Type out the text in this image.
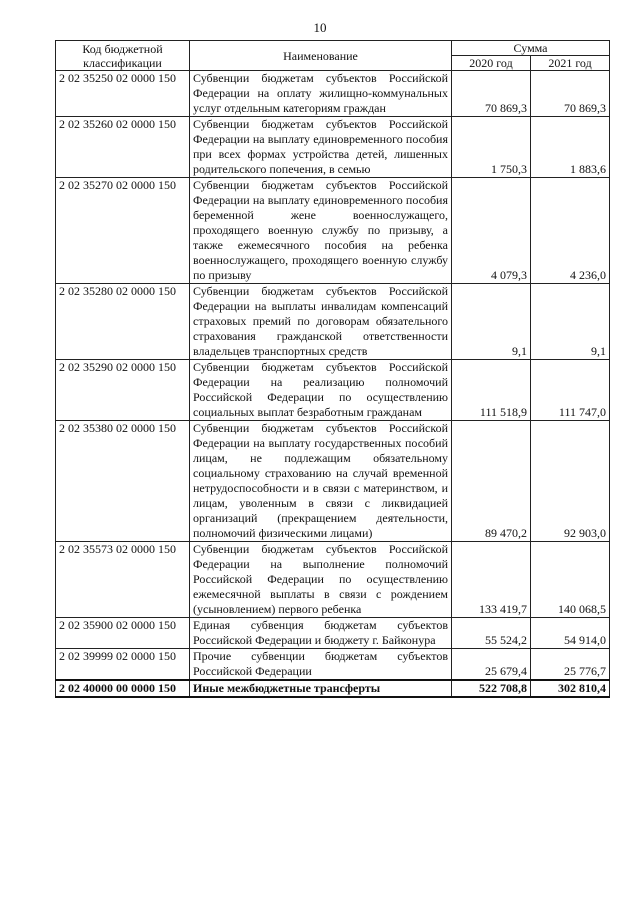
10
Код бюджетной классификации	Наименование	Сумма	
		2020 год	2021 год
2 02 35250 02 0000 150	Субвенции бюджетам субъектов Российской Федерации на оплату жилищно-коммунальных услуг отдельным категориям граждан	70 869,3	70 869,3
2 02 35260 02 0000 150	Субвенции бюджетам субъектов Российской Федерации на выплату единовременного пособия при всех формах устройства детей, лишенных родительского попечения, в семью	1 750,3	1 883,6
2 02 35270 02 0000 150	Субвенции бюджетам субъектов Российской Федерации на выплату единовременного пособия беременной жене военнослужащего, проходящего военную службу по призыву, а также ежемесячного пособия на ребенка военнослужащего, проходящего военную службу по призыву	4 079,3	4 236,0
2 02 35280 02 0000 150	Субвенции бюджетам субъектов Российской Федерации на выплаты инвалидам компенсаций страховых премий по договорам обязательного страхования гражданской ответственности владельцев транспортных средств	9,1	9,1
2 02 35290 02 0000 150	Субвенции бюджетам субъектов Российской Федерации на реализацию полномочий Российской Федерации по осуществлению социальных выплат безработным гражданам	111 518,9	111 747,0
2 02 35380 02 0000 150	Субвенции бюджетам субъектов Российской Федерации на выплату государственных пособий лицам, не подлежащим обязательному социальному страхованию на случай временной нетрудоспособности и в связи с материнством, и лицам, уволенным в связи с ликвидацией организаций (прекращением деятельности, полномочий физическими лицами)	89 470,2	92 903,0
2 02 35573 02 0000 150	Субвенции бюджетам субъектов Российской Федерации на выполнение полномочий Российской Федерации по осуществлению ежемесячной выплаты в связи с рождением (усыновлением) первого ребенка	133 419,7	140 068,5
2 02 35900 02 0000 150	Единая субвенция бюджетам субъектов Российской Федерации и бюджету г. Байконура	55 524,2	54 914,0
2 02 39999 02 0000 150	Прочие субвенции бюджетам субъектов Российской Федерации	25 679,4	25 776,7
2 02 40000 00 0000 150	Иные межбюджетные трансферты	522 708,8	302 810,4
